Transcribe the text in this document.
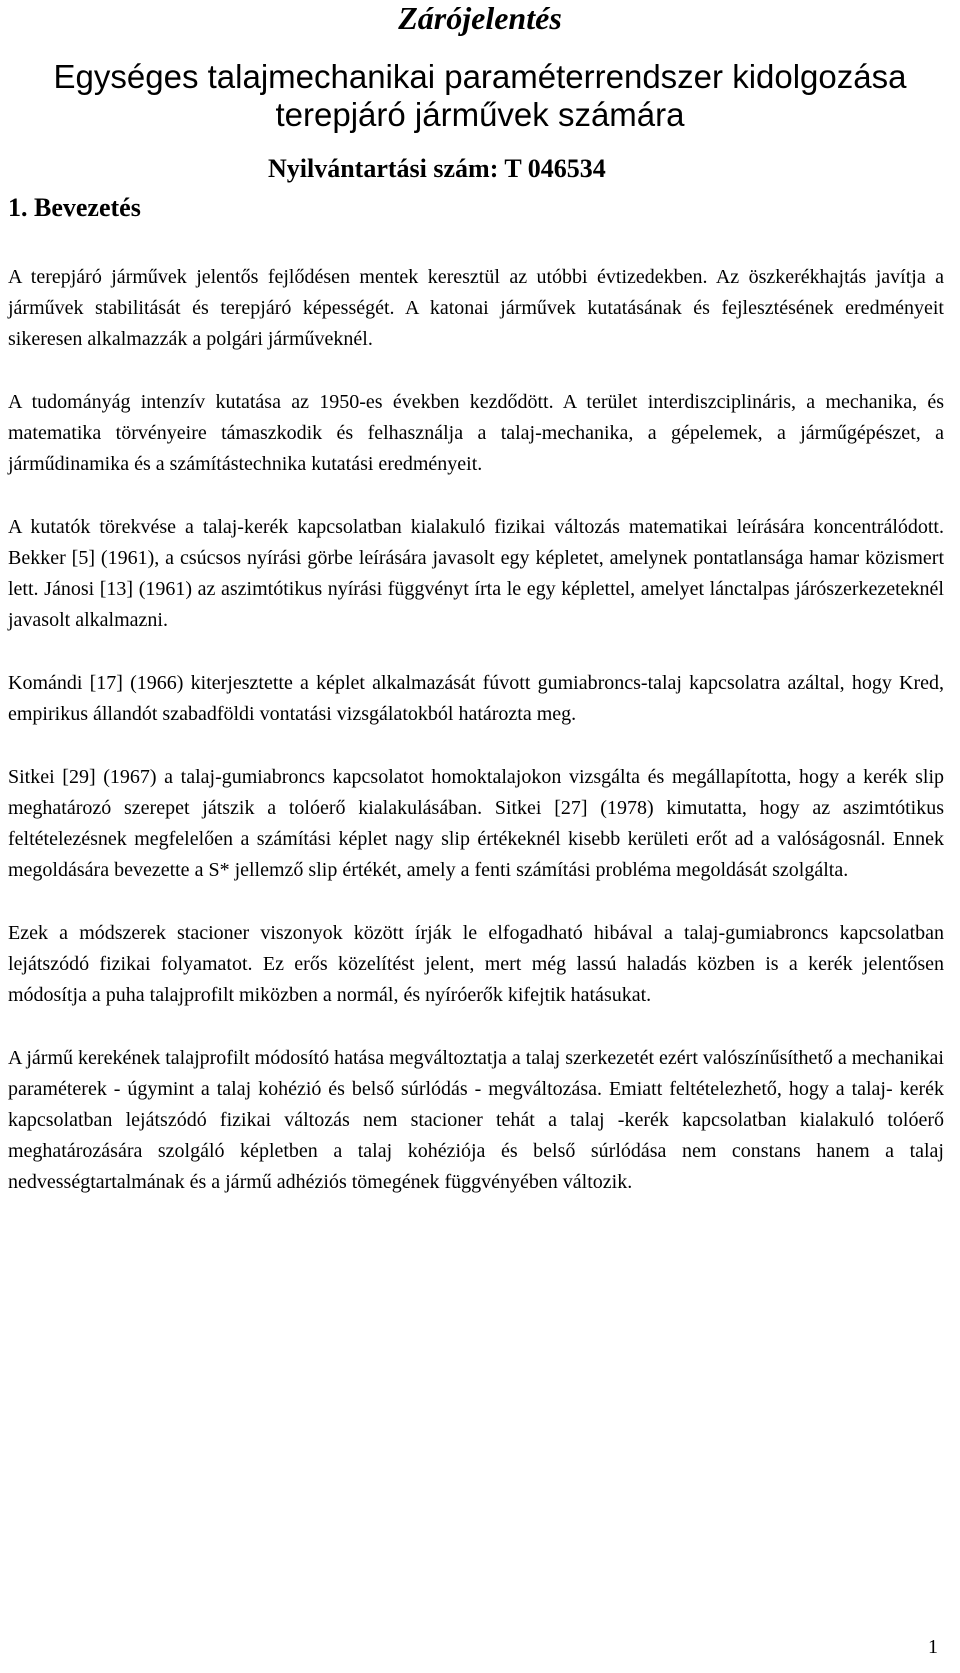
Zárójelentés
Egységes talajmechanikai paraméterrendszer kidolgozása
terepjáró járművek számára
Nyilvántartási szám: T 046534
1. Bevezetés

A terepjáró járművek jelentős fejlődésen mentek keresztül az utóbbi évtizedekben. Az öszkerékhajtás javítja a járművek stabilitását és terepjáró képességét. A katonai járművek kutatásának és fejlesztésének eredményeit sikeresen alkalmazzák a polgári járműveknél.

A tudományág intenzív kutatása az 1950-es években kezdődött. A terület interdiszciplináris, a mechanika, és matematika törvényeire támaszkodik és felhasználja a talaj-mechanika, a gépelemek, a járműgépészet, a járműdinamika és a számítástechnika kutatási eredményeit.

A kutatók törekvése a talaj-kerék kapcsolatban kialakuló fizikai változás matematikai leírására koncentrálódott. Bekker [5] (1961), a csúcsos nyírási görbe leírására javasolt egy képletet, amelynek pontatlansága hamar közismert lett. Jánosi [13] (1961) az aszimtótikus nyírási függvényt írta le egy képlettel, amelyet lánctalpas járószerkezeteknél javasolt alkalmazni.

Komándi [17] (1966) kiterjesztette a képlet alkalmazását fúvott gumiabroncs-talaj kapcsolatra azáltal, hogy Kred, empirikus állandót szabadföldi vontatási vizsgálatokból határozta meg.

Sitkei [29] (1967) a talaj-gumiabroncs kapcsolatot homoktalajokon vizsgálta és megállapította, hogy a kerék slip meghatározó szerepet játszik a tolóerő kialakulásában. Sitkei [27] (1978) kimutatta, hogy az aszimtótikus feltételezésnek megfelelően a számítási képlet nagy slip értékeknél kisebb kerületi erőt ad a valóságosnál. Ennek megoldására bevezette a S* jellemző slip értékét, amely a fenti számítási probléma megoldását szolgálta.

Ezek a módszerek stacioner viszonyok között írják le elfogadható hibával a talaj-gumiabroncs kapcsolatban lejátszódó fizikai folyamatot. Ez erős közelítést jelent, mert még lassú haladás közben is a kerék jelentősen módosítja a puha talajprofilt miközben a normál, és nyíróerők kifejtik hatásukat.

A jármű kerekének talajprofilt módosító hatása megváltoztatja a talaj szerkezetét ezért valószínűsíthető a mechanikai paraméterek - úgymint a talaj kohézió és belső súrlódás - megváltozása. Emiatt feltételezhető, hogy a talaj- kerék kapcsolatban lejátszódó fizikai változás nem stacioner tehát a talaj -kerék kapcsolatban kialakuló tolóerő meghatározására szolgáló képletben a talaj kohéziója és belső súrlódása nem constans hanem a talaj nedvességtartalmának és a jármű adhéziós tömegének függvényében változik.

1
